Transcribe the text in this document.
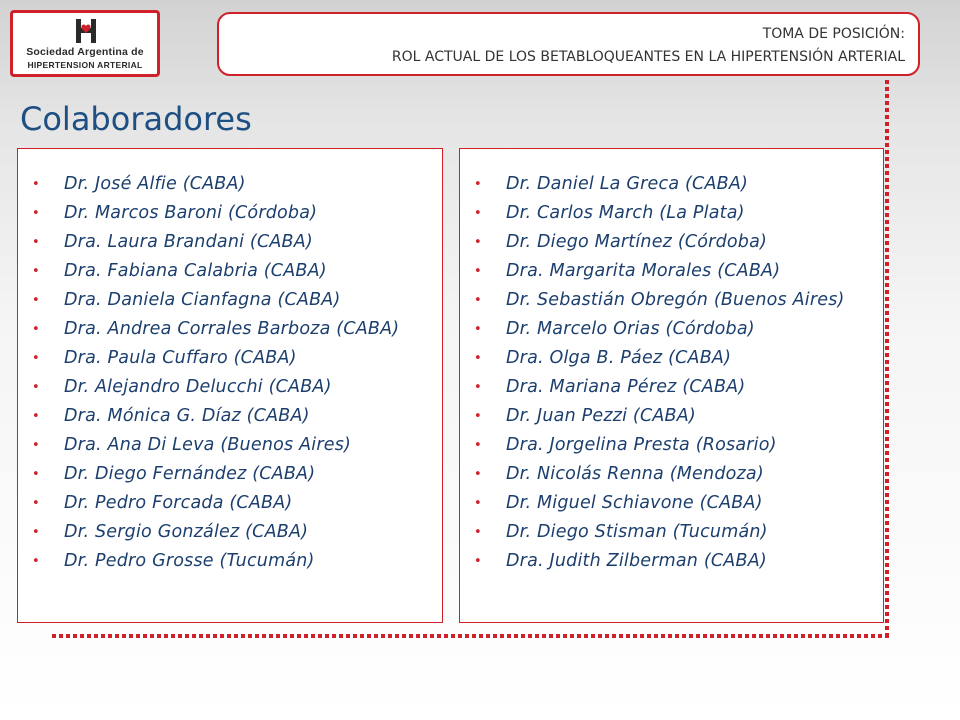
Sociedad Argentina de
HIPERTENSION ARTERIAL
TOMA DE POSICIÓN:
ROL ACTUAL DE LOS BETABLOQUEANTES EN LA HIPERTENSIÓN ARTERIAL
Colaboradores
• Dr. José Alfie (CABA)
• Dr. Marcos Baroni (Córdoba)
• Dra. Laura Brandani (CABA)
• Dra. Fabiana Calabria (CABA)
• Dra. Daniela Cianfagna (CABA)
• Dra. Andrea Corrales Barboza (CABA)
• Dra. Paula Cuffaro (CABA)
• Dr. Alejandro Delucchi (CABA)
• Dra. Mónica G. Díaz (CABA)
• Dra. Ana Di Leva (Buenos Aires)
• Dr. Diego Fernández (CABA)
• Dr. Pedro Forcada (CABA)
• Dr. Sergio González (CABA)
• Dr. Pedro Grosse (Tucumán)
• Dr. Daniel La Greca (CABA)
• Dr. Carlos March (La Plata)
• Dr. Diego Martínez (Córdoba)
• Dra. Margarita Morales (CABA)
• Dr. Sebastián Obregón (Buenos Aires)
• Dr. Marcelo Orias (Córdoba)
• Dra. Olga B. Páez (CABA)
• Dra. Mariana Pérez (CABA)
• Dr. Juan Pezzi (CABA)
• Dra. Jorgelina Presta (Rosario)
• Dr. Nicolás Renna (Mendoza)
• Dr. Miguel Schiavone (CABA)
• Dr. Diego Stisman (Tucumán)
• Dra. Judith Zilberman (CABA)
